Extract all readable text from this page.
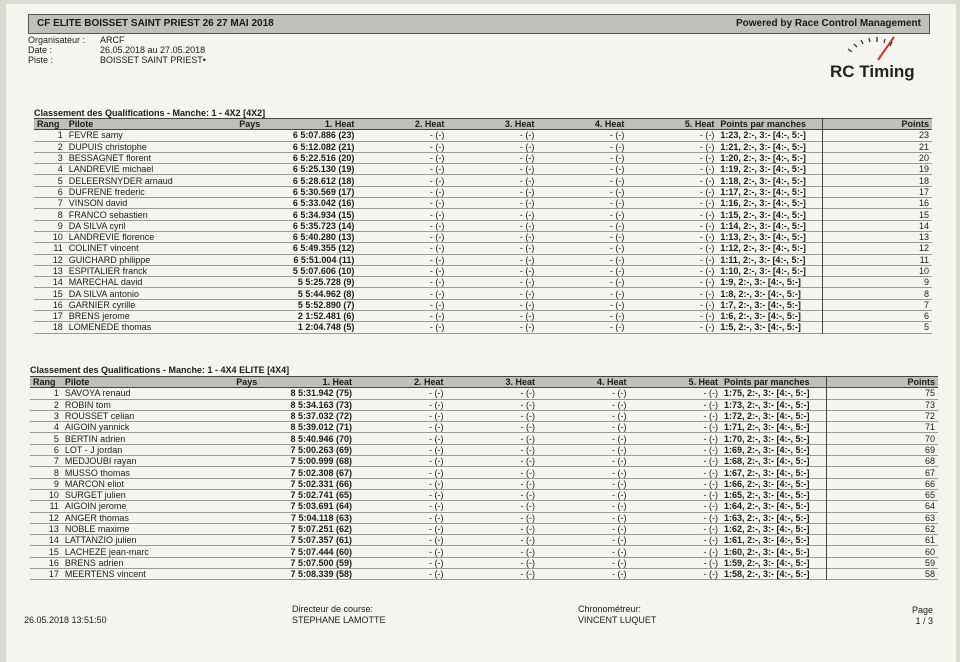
CF ELITE BOISSET SAINT PRIEST 26 27 MAI 2018	Powered by Race Control Management
Organisateur :	ARCF
Date :	26.05.2018 au 27.05.2018
Piste :	BOISSET SAINT PRIEST•
RC Timing
Classement des Qualifications - Manche: 1 - 4X2 [4X2]
Rang	Pilote	Pays	1. Heat	2. Heat	3. Heat	4. Heat	5. Heat	Points par manches	Points
1	FEVRE samy		6 5:07.886 (23)	- (-)	- (-)	- (-)	- (-)	1:23, 2:-, 3:- [4:-, 5:-]	23
2	DUPUIS christophe		6 5:12.082 (21)	- (-)	- (-)	- (-)	- (-)	1:21, 2:-, 3:- [4:-, 5:-]	21
3	BESSAGNET florent		6 5:22.516 (20)	- (-)	- (-)	- (-)	- (-)	1:20, 2:-, 3:- [4:-, 5:-]	20
4	LANDREVIE michael		6 5:25.130 (19)	- (-)	- (-)	- (-)	- (-)	1:19, 2:-, 3:- [4:-, 5:-]	19
5	DELEERSNYDER arnaud		6 5:28.612 (18)	- (-)	- (-)	- (-)	- (-)	1:18, 2:-, 3:- [4:-, 5:-]	18
6	DUFRENE frederic		6 5:30.569 (17)	- (-)	- (-)	- (-)	- (-)	1:17, 2:-, 3:- [4:-, 5:-]	17
7	VINSON david		6 5:33.042 (16)	- (-)	- (-)	- (-)	- (-)	1:16, 2:-, 3:- [4:-, 5:-]	16
8	FRANCO sebastien		6 5:34.934 (15)	- (-)	- (-)	- (-)	- (-)	1:15, 2:-, 3:- [4:-, 5:-]	15
9	DA SILVA cyril		6 5:35.723 (14)	- (-)	- (-)	- (-)	- (-)	1:14, 2:-, 3:- [4:-, 5:-]	14
10	LANDREVIE florence		6 5:40.280 (13)	- (-)	- (-)	- (-)	- (-)	1:13, 2:-, 3:- [4:-, 5:-]	13
11	COLINET vincent		6 5:49.355 (12)	- (-)	- (-)	- (-)	- (-)	1:12, 2:-, 3:- [4:-, 5:-]	12
12	GUICHARD philippe		6 5:51.004 (11)	- (-)	- (-)	- (-)	- (-)	1:11, 2:-, 3:- [4:-, 5:-]	11
13	ESPITALIER franck		5 5:07.606 (10)	- (-)	- (-)	- (-)	- (-)	1:10, 2:-, 3:- [4:-, 5:-]	10
14	MARECHAL david		5 5:25.728 (9)	- (-)	- (-)	- (-)	- (-)	1:9, 2:-, 3:- [4:-, 5:-]	9
15	DA SILVA antonio		5 5:44.962 (8)	- (-)	- (-)	- (-)	- (-)	1:8, 2:-, 3:- [4:-, 5:-]	8
16	GARNIER cyrille		5 5:52.890 (7)	- (-)	- (-)	- (-)	- (-)	1:7, 2:-, 3:- [4:-, 5:-]	7
17	BRENS jerome		2 1:52.481 (6)	- (-)	- (-)	- (-)	- (-)	1:6, 2:-, 3:- [4:-, 5:-]	6
18	LOMENEDE thomas		1 2:04.748 (5)	- (-)	- (-)	- (-)	- (-)	1:5, 2:-, 3:- [4:-, 5:-]	5
Classement des Qualifications - Manche: 1 - 4X4 ELITE [4X4]
Rang	Pilote	Pays	1. Heat	2. Heat	3. Heat	4. Heat	5. Heat	Points par manches	Points
1	SAVOYA renaud		8 5:31.942 (75)	- (-)	- (-)	- (-)	- (-)	1:75, 2:-, 3:- [4:-, 5:-]	75
2	ROBIN tom		8 5:34.163 (73)	- (-)	- (-)	- (-)	- (-)	1:73, 2:-, 3:- [4:-, 5:-]	73
3	ROUSSET celian		8 5:37.032 (72)	- (-)	- (-)	- (-)	- (-)	1:72, 2:-, 3:- [4:-, 5:-]	72
4	AIGOIN yannick		8 5:39.012 (71)	- (-)	- (-)	- (-)	- (-)	1:71, 2:-, 3:- [4:-, 5:-]	71
5	BERTIN adrien		8 5:40.946 (70)	- (-)	- (-)	- (-)	- (-)	1:70, 2:-, 3:- [4:-, 5:-]	70
6	LOT - J jordan		7 5:00.263 (69)	- (-)	- (-)	- (-)	- (-)	1:69, 2:-, 3:- [4:-, 5:-]	69
7	MEDJOUBI rayan		7 5:00.999 (68)	- (-)	- (-)	- (-)	- (-)	1:68, 2:-, 3:- [4:-, 5:-]	68
8	MUSSO thomas		7 5:02.308 (67)	- (-)	- (-)	- (-)	- (-)	1:67, 2:-, 3:- [4:-, 5:-]	67
9	MARCON eliot		7 5:02.331 (66)	- (-)	- (-)	- (-)	- (-)	1:66, 2:-, 3:- [4:-, 5:-]	66
10	SURGET julien		7 5:02.741 (65)	- (-)	- (-)	- (-)	- (-)	1:65, 2:-, 3:- [4:-, 5:-]	65
11	AIGOIN jerome		7 5:03.691 (64)	- (-)	- (-)	- (-)	- (-)	1:64, 2:-, 3:- [4:-, 5:-]	64
12	ANGER thomas		7 5:04.118 (63)	- (-)	- (-)	- (-)	- (-)	1:63, 2:-, 3:- [4:-, 5:-]	63
13	NOBLE maxime		7 5:07.251 (62)	- (-)	- (-)	- (-)	- (-)	1:62, 2:-, 3:- [4:-, 5:-]	62
14	LATTANZIO julien		7 5:07.357 (61)	- (-)	- (-)	- (-)	- (-)	1:61, 2:-, 3:- [4:-, 5:-]	61
15	LACHEZE jean-marc		7 5:07.444 (60)	- (-)	- (-)	- (-)	- (-)	1:60, 2:-, 3:- [4:-, 5:-]	60
16	BRENS adrien		7 5:07.500 (59)	- (-)	- (-)	- (-)	- (-)	1:59, 2:-, 3:- [4:-, 5:-]	59
17	MEERTENS vincent		7 5:08.339 (58)	- (-)	- (-)	- (-)	- (-)	1:58, 2:-, 3:- [4:-, 5:-]	58
26.05.2018 13:51:50
Directeur de course:
STEPHANE LAMOTTE
Chronométreur:
VINCENT LUQUET
Page
1 / 3
